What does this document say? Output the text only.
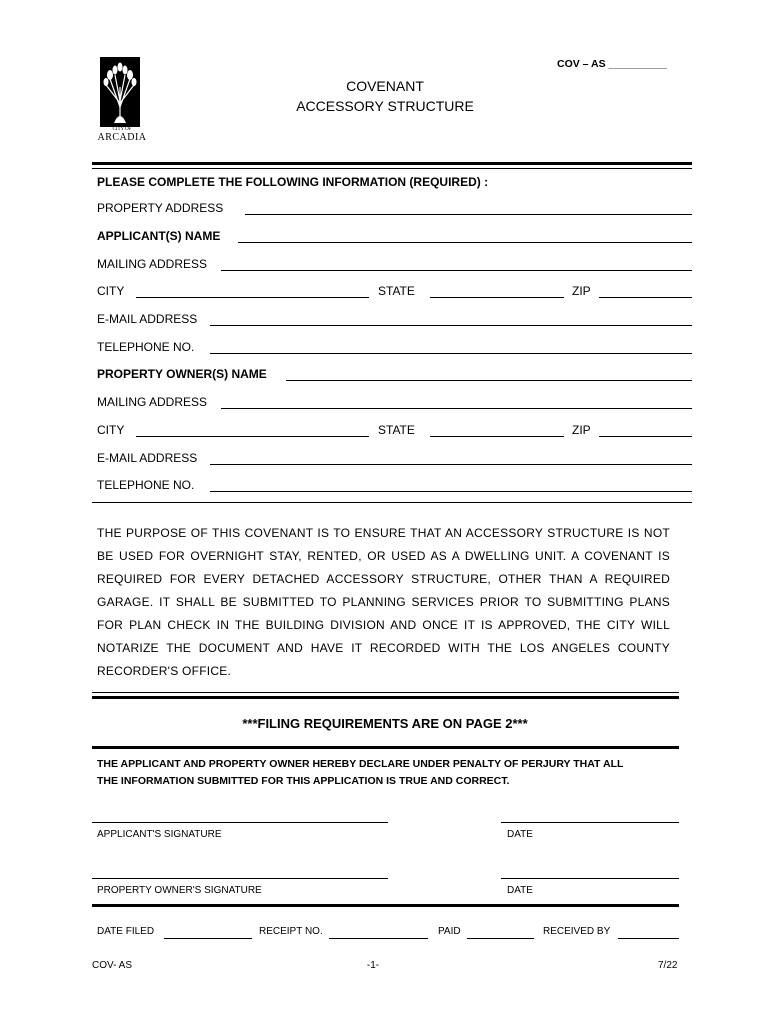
COV – AS __________
CITY OF
ARCADIA
COVENANT
ACCESSORY STRUCTURE
PLEASE COMPLETE THE FOLLOWING INFORMATION (REQUIRED) :
PROPERTY ADDRESS
APPLICANT(S) NAME
MAILING ADDRESS
CITY	STATE	ZIP
E-MAIL ADDRESS
TELEPHONE NO.
PROPERTY OWNER(S) NAME
MAILING ADDRESS
CITY	STATE	ZIP
E-MAIL ADDRESS
TELEPHONE NO.
THE PURPOSE OF THIS COVENANT IS TO ENSURE THAT AN ACCESSORY STRUCTURE IS NOT
BE USED FOR OVERNIGHT STAY, RENTED, OR USED AS A DWELLING UNIT. A COVENANT IS
REQUIRED FOR EVERY DETACHED ACCESSORY STRUCTURE, OTHER THAN A REQUIRED
GARAGE. IT SHALL BE SUBMITTED TO PLANNING SERVICES PRIOR TO SUBMITTING PLANS
FOR PLAN CHECK IN THE BUILDING DIVISION AND ONCE IT IS APPROVED, THE CITY WILL
NOTARIZE THE DOCUMENT AND HAVE IT RECORDED WITH THE LOS ANGELES COUNTY
RECORDER'S OFFICE.
***FILING REQUIREMENTS ARE ON PAGE 2***
THE APPLICANT AND PROPERTY OWNER HEREBY DECLARE UNDER PENALTY OF PERJURY THAT ALL
THE INFORMATION SUBMITTED FOR THIS APPLICATION IS TRUE AND CORRECT.
APPLICANT'S SIGNATURE	DATE
PROPERTY OWNER'S SIGNATURE	DATE
DATE FILED	RECEIPT NO.	PAID	RECEIVED BY
COV- AS	-1-	7/22
